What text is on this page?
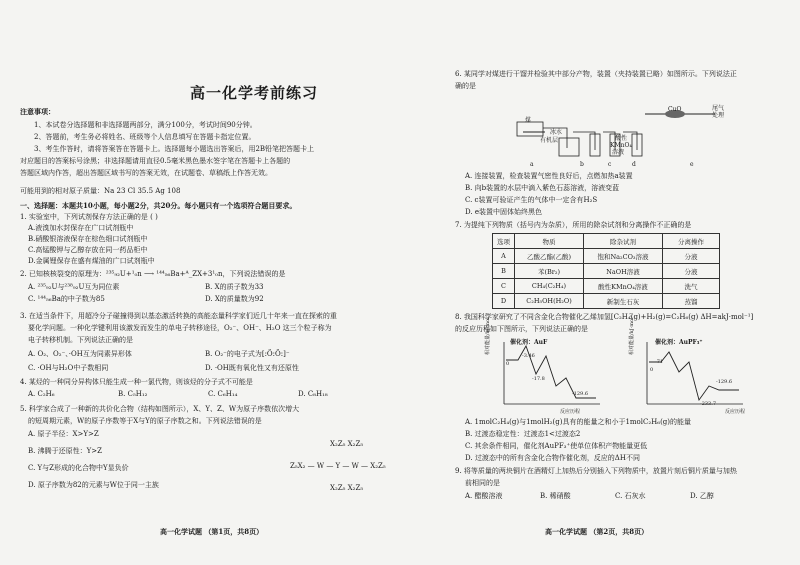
高一化学考前练习
注意事项：
1、本试卷分选择题和非选择题两部分，满分100分，考试时间90分钟。
2、答题前，考生务必将姓名、班级等个人信息填写在答题卡指定位置。
3、考生作答时，请将答案答在答题卡上。选择题每小题选出答案后，用2B铅笔把答题卡上
对应题目的答案标号涂黑；非选择题请用直径0.5毫米黑色墨水签字笔在答题卡上各题的
答题区域内作答，超出答题区域书写的答案无效，在试题卷、草稿纸上作答无效。
可能用到的相对原子质量：Na 23 Cl 35.5 Ag 108
一、选择题：本题共10小题，每小题2分，共20分。每小题只有一个选项符合题目要求。
1. 实验室中，下列试剂保存方法正确的是 ( )
A.液溴加水封保存在广口试剂瓶中
B.硝酸银溶液保存在棕色细口试剂瓶中
C.高锰酸钾与乙醇存放在同一药品柜中
D.金属锂保存在盛有煤油的广口试剂瓶中
2. 已知核核裂变的原理为：²³⁵₉₂U+¹₀n ⟶ ¹⁴⁴₅₆Ba+ᴬ_ZX+3¹₀n，下列说法错误的是
A. ²³⁵₉₂U与²³⁸₉₂U互为同位素	B. X的质子数为33
C. ¹⁴⁴₅₆Ba的中子数为85	D. X的质量数为92
3. 在适当条件下，用超冷分子碰撞得到以基态激活转换的高能态量科学家们近几十年来一直在探索的重
要化学问题。一种化学键利用该激发而发生的单电子转移途径，O₂⁻、OH⁻、H₂O 这三个粒子称为
电子转移机制。下列说法正确的是
A. O₂、O₂⁻、·OH互为同素异形体	B. O₂⁻的电子式为[:Ö:Ö:]⁻
C. ·OH与H₂O中子数相同	D. ·OH既有氧化性又有还原性
4. 某烃的一种同分异构体只能生成一种一氯代物，则该烃的分子式不可能是
A. C₂H₆	B. C₅H₁₂	C. C₆H₁₄	D. C₈H₁₈
5. 科学家合成了一种新的共价化合物（结构如图所示），X、Y、Z、W为原子序数依次增大
的短周期元素，W的原子序数等于X与Y的原子序数之和。下列说法错误的是
A. 原子半径：X>Y>Z
B. 沸腾于还原性：Y>Z
C. Y与Z形成的化合物中Y显负价
D. 原子序数为82的元素与W位于同一主族
X₂Z₅ X₂Z₅
Z₅X₂ — W — Y — W — X₂Z₅
X₂Z₅ X₂Z₅
高一化学试题 （第1页，共8页）
6. 某同学对煤进行干馏并检验其中部分产物，装置（夹持装置已略）如图所示。下列说法正
确的是
煤
冰水
有机层	酸性
KMnO₄
溶液
CuO	尾气
处理
a	b	c	d	e
A. 连接装置，检查装置气密性良好后，点燃加热a装置
B. 向b装置的水层中滴入紫色石蕊溶液，溶液变蓝
C. c装置可验证产生的气体中一定含有H₂S
D. e装置中固体始终黑色
7. 为提纯下列物质（括号内为杂质），所用的除杂试剂和分离操作不正确的是
选项	物质	除杂试剂	分离操作
A	乙酸乙酯(乙酸)	饱和Na₂CO₃溶液	分液
B	苯(Br₂)	NaOH溶液	分液
C	CH₄(C₂H₄)	酸性KMnO₄溶液	洗气
D	C₂H₅OH(H₂O)	新制生石灰	蒸馏
8. 我国科学家研究了不同含金化合物催化乙烯加氢[C₂H₄(g)+H₂(g)=C₂H₆(g) ΔH=akJ·mol⁻¹]
的反应历程如下图所示，下列说法正确的是
催化剂：AuF
-3.46
0
-17.8
-129.6
反应历程
相对能量/kJ·mol⁻¹	催化剂：AuPF₃⁺
-71
0
-129.6
-233.7
反应历程
相对能量/kJ·mol⁻¹
A. 1molC₂H₄(g)与1molH₂(g)具有的能量之和小于1molC₂H₆(g)的能量
B. 过渡态稳定性：过渡态1<过渡态2
C. 其余条件相同，催化剂AuPF₃⁺使单位体积产物能量更低
D. 过渡态中的所有含金化合物作催化剂，反应的ΔH不同
9. 将等质量的两块铜片在酒精灯上加热后分别插入下列物质中，放置片刻后铜片质量与加热
前相同的是
A. 醋酸溶液	B. 稀硝酸	C. 石灰水	D. 乙醇
高一化学试题 （第2页，共8页）
